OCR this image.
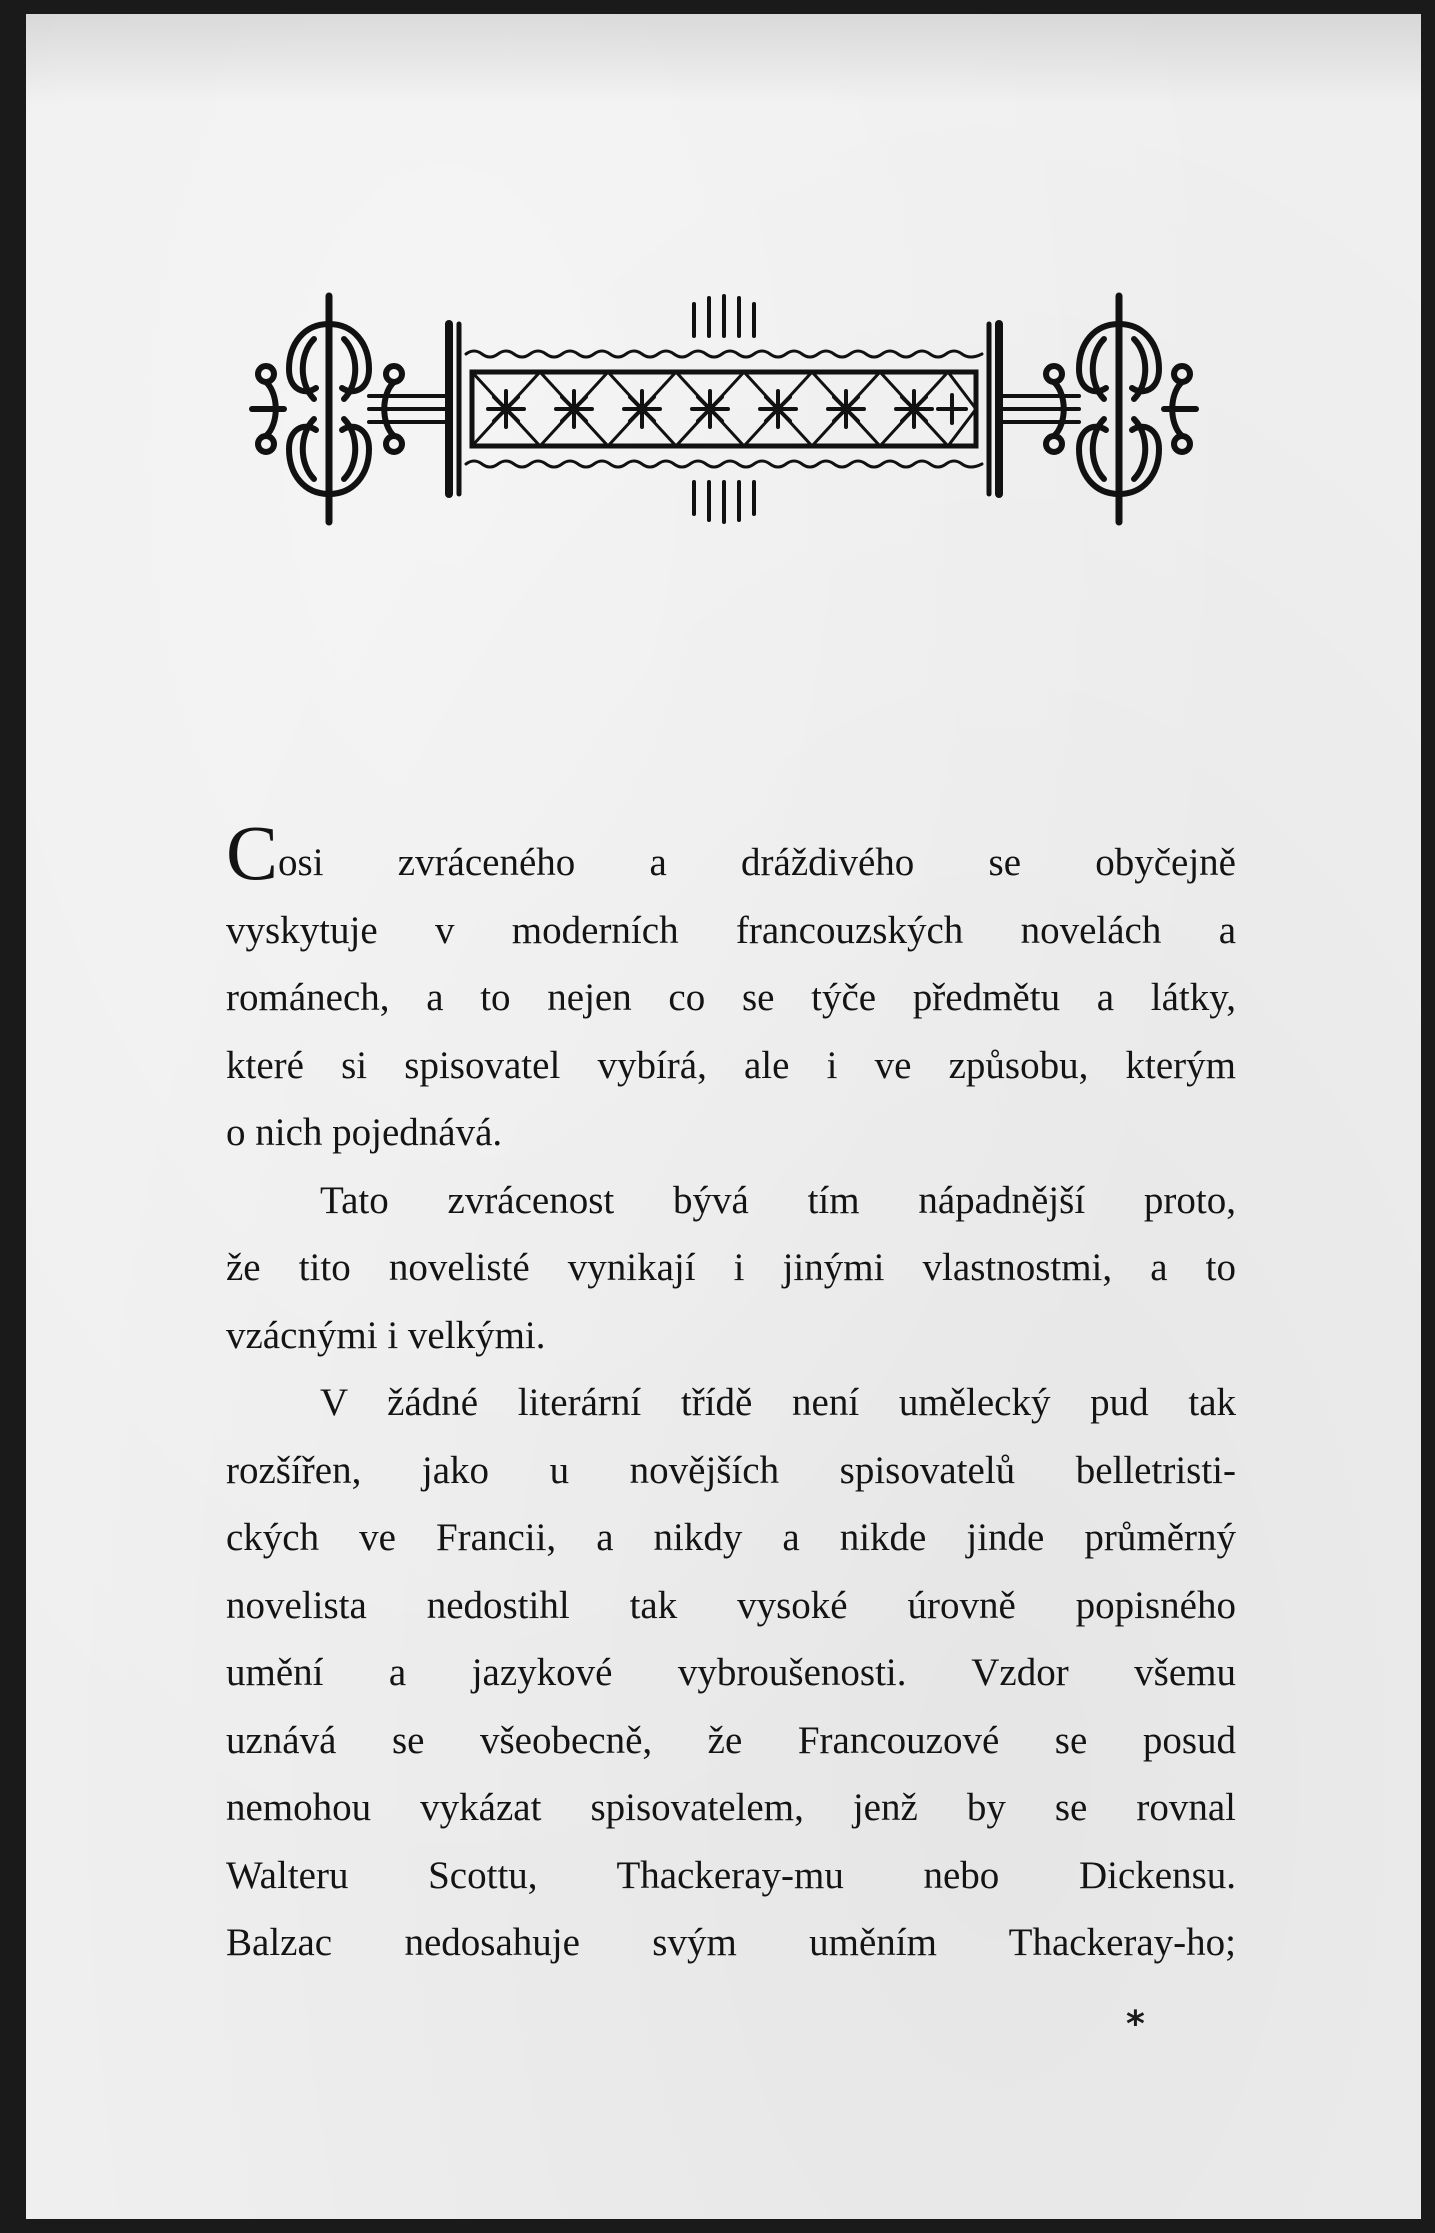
Cosi zvráceného a dráždivého se obyčejně
vyskytuje v moderních francouzských novelách a
románech, a to nejen co se týče předmětu a látky,
které si spisovatel vybírá, ale i ve způsobu, kterým
o nich pojednává.
Tato zvrácenost bývá tím nápadnější proto,
že tito novelisté vynikají i jinými vlastnostmi, a to
vzácnými i velkými.
V žádné literární třídě není umělecký pud tak
rozšířen, jako u novějších spisovatelů belletristi-
ckých ve Francii, a nikdy a nikde jinde průměrný
novelista nedostihl tak vysoké úrovně popisného
umění a jazykové vybroušenosti. Vzdor všemu
uznává se všeobecně, že Francouzové se posud
nemohou vykázat spisovatelem, jenž by se rovnal
Walteru Scottu, Thackeray-mu nebo Dickensu.
Balzac nedosahuje svým uměním Thackeray-ho;
*
